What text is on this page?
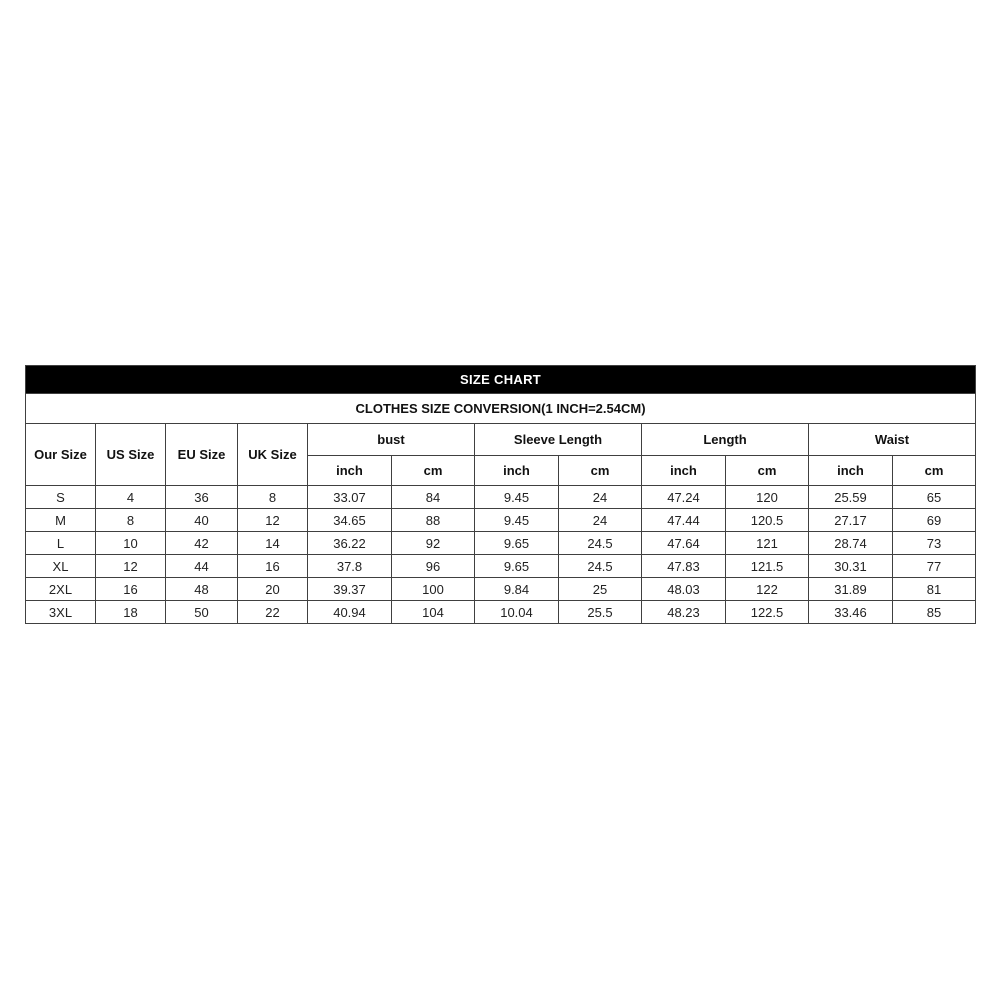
SIZE CHART											
CLOTHES SIZE CONVERSION(1 INCH=2.54CM)											
Our Size	US Size	EU Size	UK Size	bust		Sleeve Length		Length		Waist	
				inch	cm	inch	cm	inch	cm	inch	cm
S	4	36	8	33.07	84	9.45	24	47.24	120	25.59	65
M	8	40	12	34.65	88	9.45	24	47.44	120.5	27.17	69
L	10	42	14	36.22	92	9.65	24.5	47.64	121	28.74	73
XL	12	44	16	37.8	96	9.65	24.5	47.83	121.5	30.31	77
2XL	16	48	20	39.37	100	9.84	25	48.03	122	31.89	81
3XL	18	50	22	40.94	104	10.04	25.5	48.23	122.5	33.46	85
